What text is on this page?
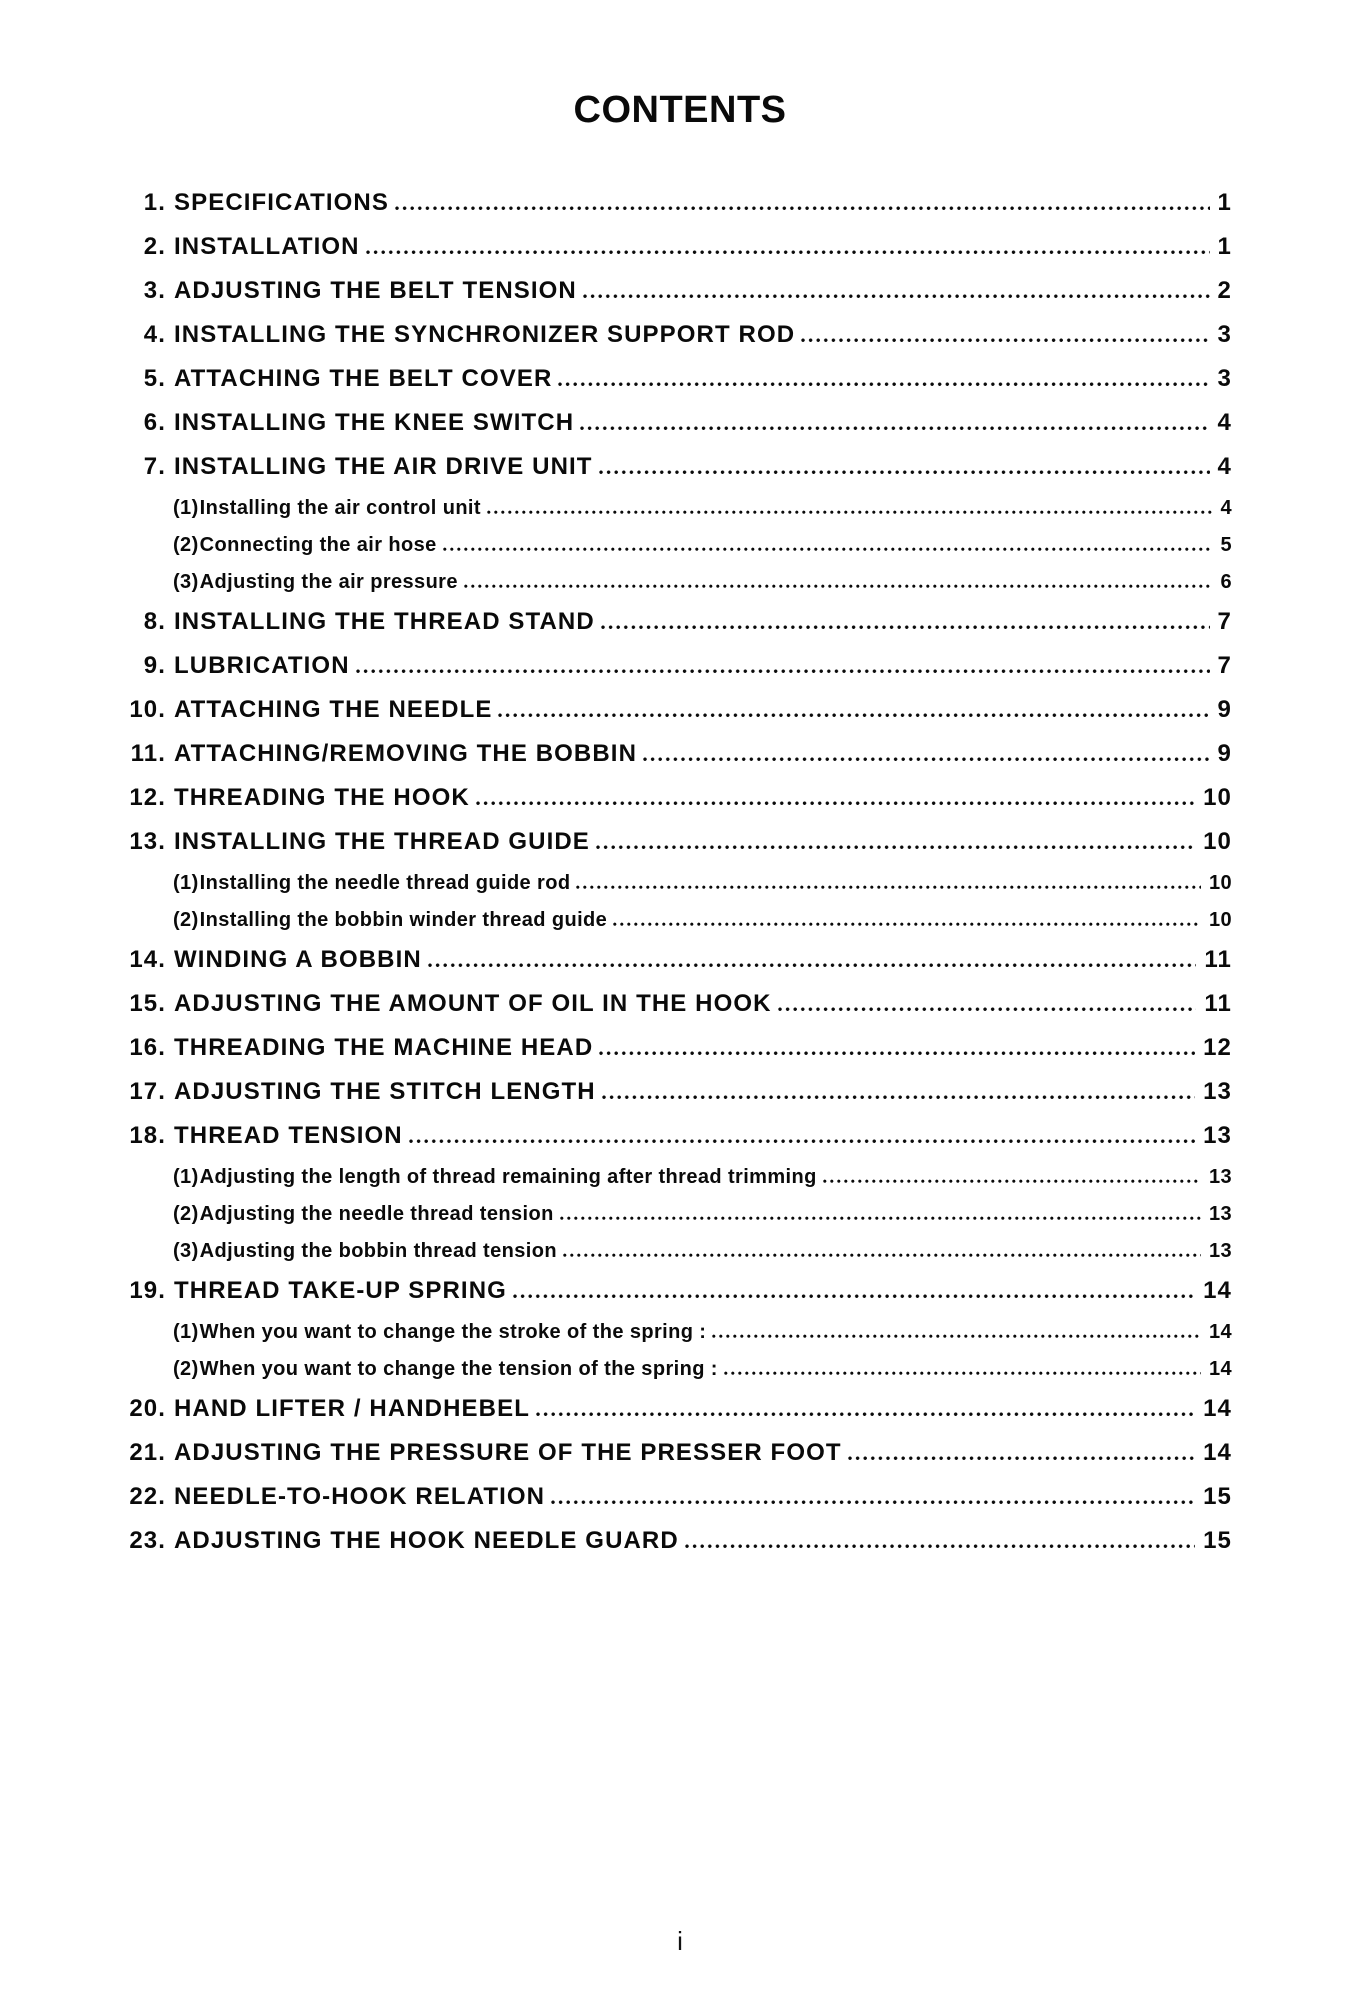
CONTENTS
1. SPECIFICATIONS	1
2. INSTALLATION	1
3. ADJUSTING THE BELT TENSION	2
4. INSTALLING THE SYNCHRONIZER SUPPORT ROD	3
5. ATTACHING THE BELT COVER	3
6. INSTALLING THE KNEE SWITCH	4
7. INSTALLING THE AIR DRIVE UNIT	4
(1) Installing the air control unit	4
(2) Connecting the air hose	5
(3) Adjusting the air pressure	6
8. INSTALLING THE THREAD STAND	7
9. LUBRICATION	7
10. ATTACHING THE NEEDLE	9
11. ATTACHING/REMOVING THE BOBBIN	9
12. THREADING THE HOOK	10
13. INSTALLING THE THREAD GUIDE	10
(1) Installing the needle thread guide rod	10
(2) Installing the bobbin winder thread guide	10
14. WINDING A BOBBIN	11
15. ADJUSTING THE AMOUNT OF OIL IN THE HOOK	11
16. THREADING THE MACHINE HEAD	12
17. ADJUSTING THE STITCH LENGTH	13
18. THREAD TENSION	13
(1) Adjusting the length of thread remaining after thread trimming	13
(2) Adjusting the needle thread tension	13
(3) Adjusting the bobbin thread tension	13
19. THREAD TAKE-UP SPRING	14
(1) When you want to change the stroke of the spring :	14
(2) When you want to change the tension of the spring :	14
20. HAND LIFTER / HANDHEBEL	14
21. ADJUSTING THE PRESSURE OF THE PRESSER FOOT	14
22. NEEDLE-TO-HOOK RELATION	15
23. ADJUSTING THE HOOK NEEDLE GUARD	15
i
